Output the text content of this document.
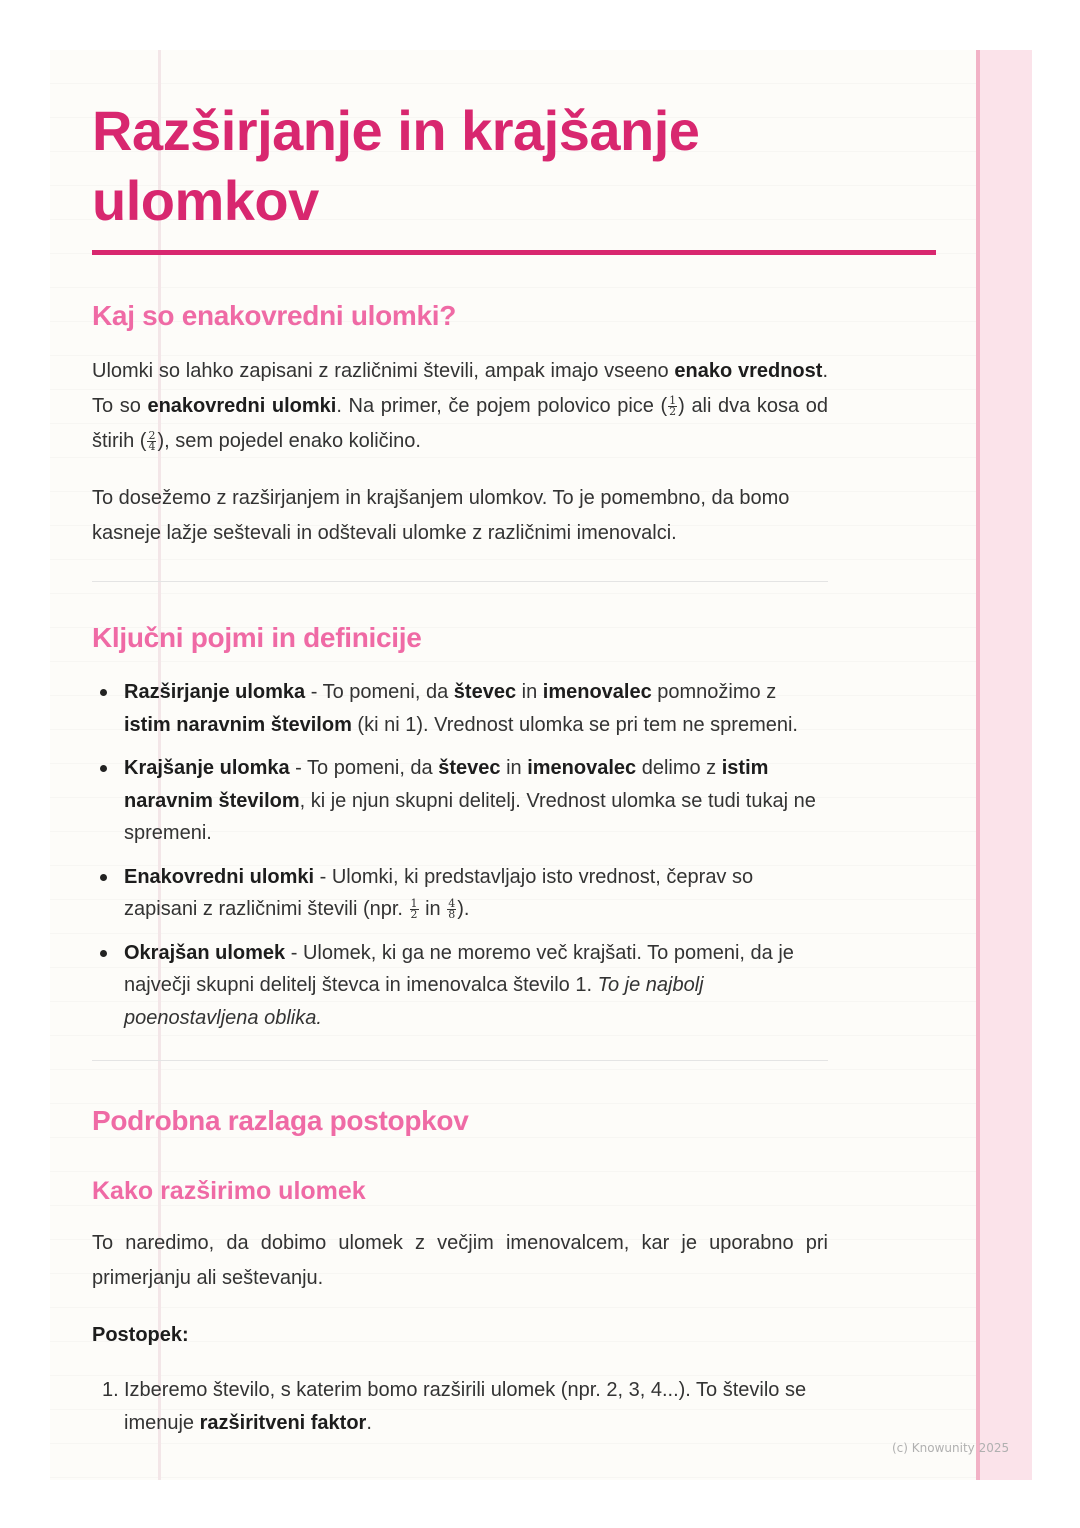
Razširjanje in krajšanje ulomkov
Kaj so enakovredni ulomki?

Ulomki so lahko zapisani z različnimi števili, ampak imajo vseeno enako vrednost. To so enakovredni ulomki. Na primer, če pojem polovico pice ( $\frac{1}{2}$ ) ali dva kosa od štirih ( $\frac{2}{4}$ ), sem pojedel enako količino.

To dosežemo z razširjanjem in krajšanjem ulomkov. To je pomembno, da bomo kasneje lažje seštevali in odštevali ulomke z različnimi imenovalci.

Ključni pojmi in definicije
Razširjanje ulomka - To pomeni, da števec in imenovalec pomnožimo z istim naravnim številom (ki ni 1). Vrednost ulomka se pri tem ne spremeni.
Krajšanje ulomka - To pomeni, da števec in imenovalec delimo z istim naravnim številom, ki je njun skupni delitelj. Vrednost ulomka se tudi tukaj ne spremeni.
Enakovredni ulomki - Ulomki, ki predstavljajo isto vrednost, čeprav so zapisani z različnimi števili (npr. $\frac{1}{2}$ in $\frac{4}{8}$ ).
Okrajšan ulomek - Ulomek, ki ga ne moremo več krajšati. To pomeni, da je največji skupni delitelj števca in imenovalca število 1. To je najbolj poenostavljena oblika.
Podrobna razlaga postopkov
Kako razširimo ulomek

To naredimo, da dobimo ulomek z večjim imenovalcem, kar je uporabno pri primerjanju ali seštevanju.

Postopek:

1. Izberemo število, s katerim bomo razširili ulomek (npr. 2, 3, 4...). To število se imenuje razširitveni faktor.
(c) Knowunity 2025
